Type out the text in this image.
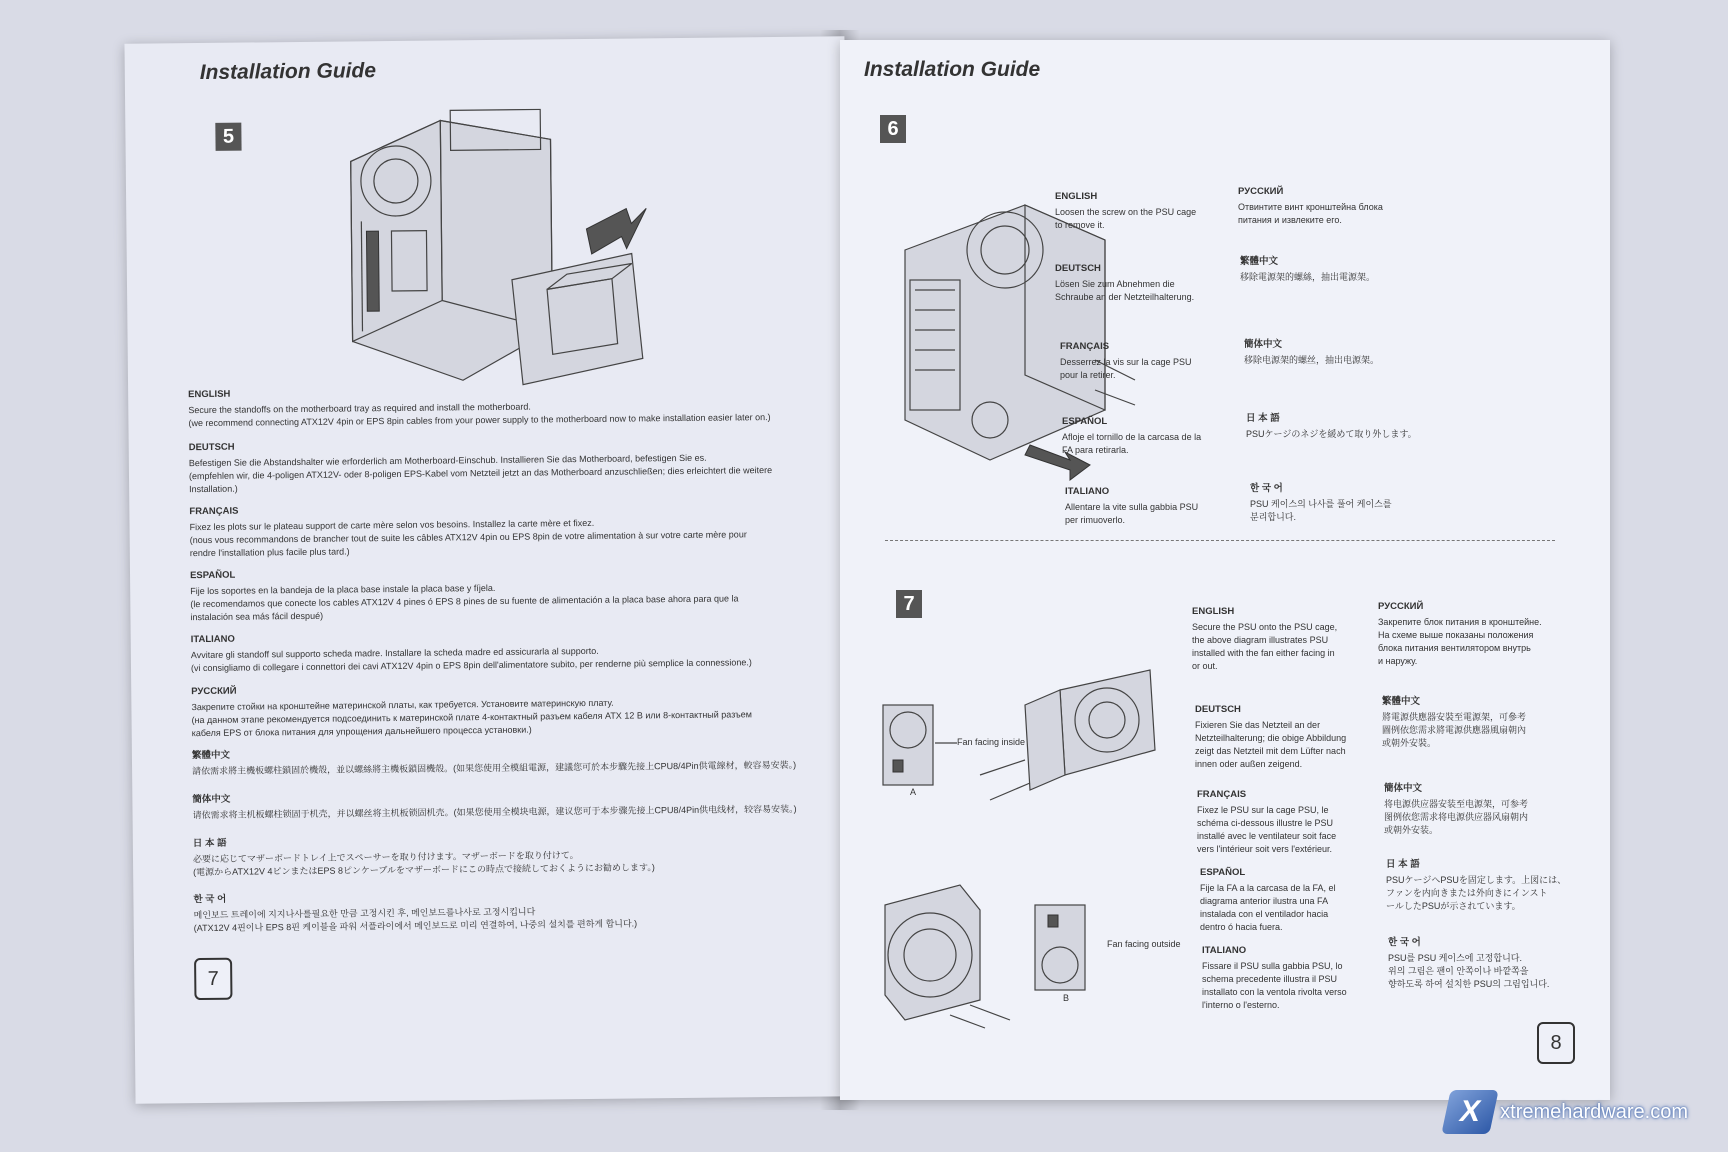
Installation Guide
5
ENGLISH
Secure the standoffs on the motherboard tray as required and install the motherboard.
(we recommend connecting ATX12V 4pin or EPS 8pin cables from your power supply to the motherboard now to make installation easier later on.)
DEUTSCH
Befestigen Sie die Abstandshalter wie erforderlich am Motherboard-Einschub. Installieren Sie das Motherboard, befestigen Sie es.
(empfehlen wir, die 4-poligen ATX12V- oder 8-poligen EPS-Kabel vom Netzteil jetzt an das Motherboard anzuschließen; dies erleichtert die weitere
Installation.)
FRANÇAIS
Fixez les plots sur le plateau support de carte mère selon vos besoins. Installez la carte mère et fixez.
(nous vous recommandons de brancher tout de suite les câbles ATX12V 4pin ou EPS 8pin de votre alimentation à sur votre carte mère pour
rendre l'installation plus facile plus tard.)
ESPAÑOL
Fije los soportes en la bandeja de la placa base instale la placa base y fíjela.
(le recomendamos que conecte los cables ATX12V 4 pines ó EPS 8 pines de su fuente de alimentación a la placa base ahora para que la
instalación sea más fácil despué)
ITALIANO
Avvitare gli standoff sul supporto scheda madre. Installare la scheda madre ed assicurarla al supporto.
(vi consigliamo di collegare i connettori dei cavi ATX12V 4pin o EPS 8pin dell'alimentatore subito, per renderne più semplice la connessione.)
РУССКИЙ
Закрепите стойки на кронштейне материнской платы, как требуется. Установите материнскую плату.
(на данном этапе рекомендуется подсоединить к материнской плате 4-контактный разъем кабеля ATX 12 В или 8-контактный разъем
кабеля EPS от блока питания для упрощения дальнейшего процесса установки.)
繁體中文
請依需求將主機板螺柱鎖固於機殼，並以螺絲將主機板鎖固機殼。(如果您使用全模組電源，建議您可於本步驟先接上CPU8/4Pin供電線材，較容易安裝。)
簡体中文
请依需求将主机板螺柱锁固于机壳，并以螺丝将主机板锁固机壳。(如果您使用全模块电源，建议您可于本步骤先接上CPU8/4Pin供电线材，较容易安装。)
日 本 語
必要に応じてマザーボードトレイ上でスペーサーを取り付けます。マザーボードを取り付けて。
(電源からATX12V 4ピンまたはEPS 8ピンケーブルをマザーボードにこの時点で接続しておくようにお勧めします。)
한 국 어
메인보드 트레이에 지지나사를필요한 만큼 고정시킨 후, 메인보드를나사로 고정시킵니다
(ATX12V 4핀이나 EPS 8핀 케이블을 파워 서플라이에서 메인보드로 미리 연결하여, 나중의 설치를 편하게 합니다.)
7
Installation Guide
6
ENGLISH
Loosen the screw on the PSU cage
to remove it.
DEUTSCH
Lösen Sie zum Abnehmen die
Schraube an der Netzteilhalterung.
FRANÇAIS
Desserrez la vis sur la cage PSU
pour la retirer.
ESPAÑOL
Afloje el tornillo de la carcasa de la
FA para retirarla.
ITALIANO
Allentare la vite sulla gabbia PSU
per rimuoverlo.
РУССКИЙ
Отвинтите винт кронштейна блока
питания и извлеките его.
繁體中文
移除電源架的螺絲，抽出電源架。
簡体中文
移除电源架的螺丝，抽出电源架。
日 本 語
PSUケージのネジを緩めて取り外します。
한 국 어
PSU 케이스의 나사를 풀어 케이스를
분리합니다.
7
Fan facing inside
A
Fan facing outside
B
ENGLISH
Secure the PSU onto the PSU cage,
the above diagram illustrates PSU
installed with the fan either facing in
or out.
DEUTSCH
Fixieren Sie das Netzteil an der
Netzteilhalterung; die obige Abbildung
zeigt das Netzteil mit dem Lüfter nach
innen oder außen zeigend.
FRANÇAIS
Fixez le PSU sur la cage PSU, le
schéma ci-dessous illustre le PSU
installé avec le ventilateur soit face
vers l'intérieur soit vers l'extérieur.
ESPAÑOL
Fije la FA a la carcasa de la FA, el
diagrama anterior ilustra una FA
instalada con el ventilador hacia
dentro ó hacia fuera.
ITALIANO
Fissare il PSU sulla gabbia PSU, lo
schema precedente illustra il PSU
installato con la ventola rivolta verso
l'interno o l'esterno.
РУССКИЙ
Закрепите блок питания в кронштейне.
На схеме выше показаны положения
блока питания вентилятором внутрь
и наружу.
繁體中文
將電源供應器安裝至電源架，可參考
圖例依您需求將電源供應器風扇朝內
或朝外安裝。
簡体中文
将电源供应器安装至电源架，可参考
图例依您需求将电源供应器风扇朝内
或朝外安装。
日 本 語
PSUケージへPSUを固定します。上図には、
ファンを内向きまたは外向きにインスト
ールしたPSUが示されています。
한 국 어
PSU를 PSU 케이스에 고정합니다.
위의 그림은 팬이 안쪽이나 바깥쪽을
향하도록 하여 설치한 PSU의 그림입니다.
8
X xtremehardware.com
